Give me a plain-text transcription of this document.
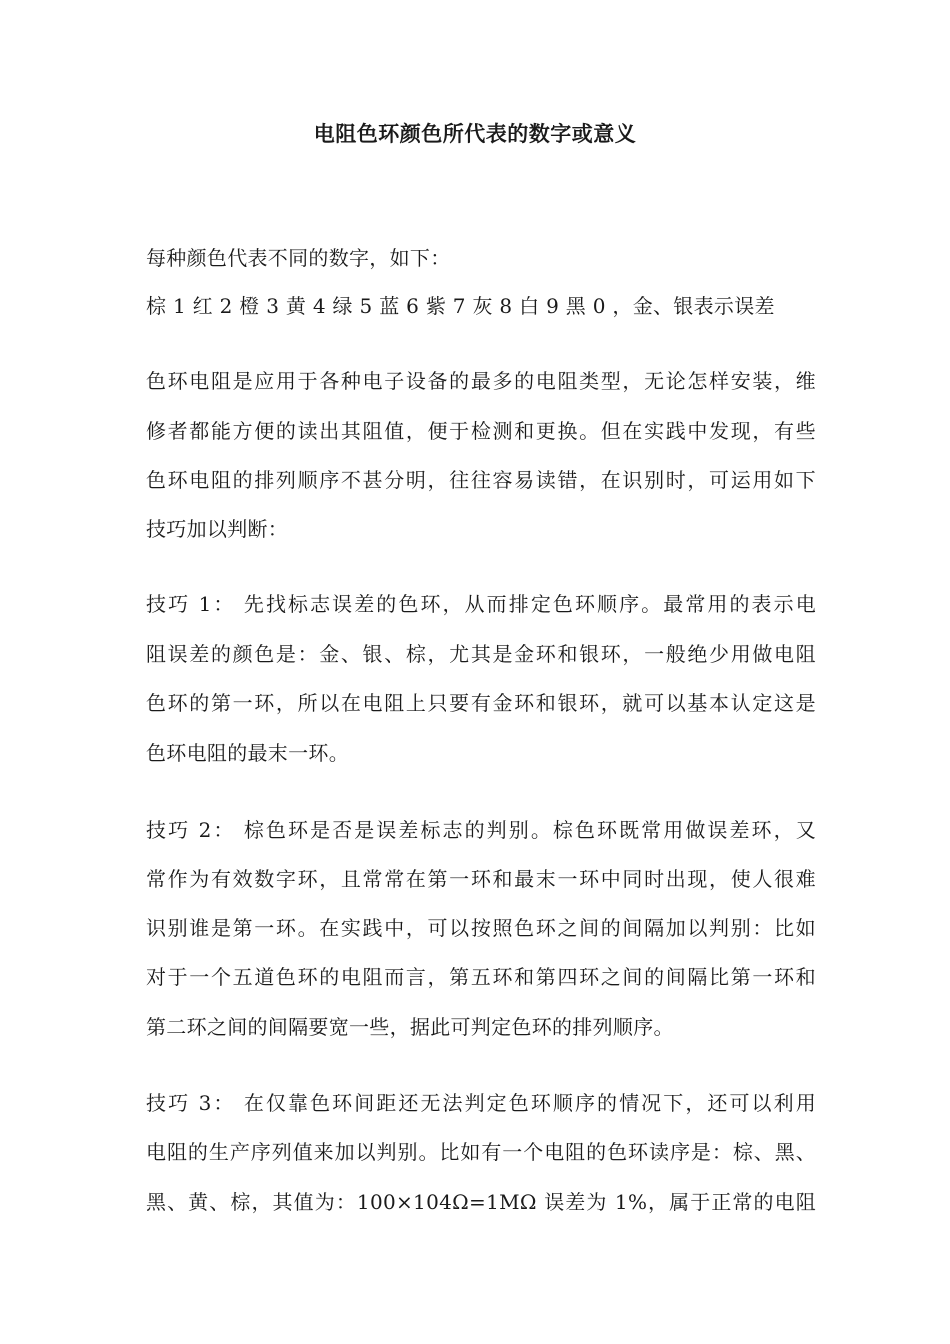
电阻色环颜色所代表的数字或意义
每种颜色代表不同的数字，如下：
棕 1 红 2 橙 3 黄 4 绿 5 蓝 6 紫 7 灰 8 白 9 黑 0 ，金、银表示误差
色环电阻是应用于各种电子设备的最多的电阻类型，无论怎样安装，维
修者都能方便的读出其阻值，便于检测和更换。但在实践中发现，有些
色环电阻的排列顺序不甚分明，往往容易读错，在识别时，可运用如下
技巧加以判断：
技巧 1： 先找标志误差的色环，从而排定色环顺序。最常用的表示电
阻误差的颜色是：金、银、棕，尤其是金环和银环，一般绝少用做电阻
色环的第一环，所以在电阻上只要有金环和银环，就可以基本认定这是
色环电阻的最末一环。
技巧 2： 棕色环是否是误差标志的判别。棕色环既常用做误差环，又
常作为有效数字环，且常常在第一环和最末一环中同时出现，使人很难
识别谁是第一环。在实践中，可以按照色环之间的间隔加以判别：比如
对于一个五道色环的电阻而言，第五环和第四环之间的间隔比第一环和
第二环之间的间隔要宽一些，据此可判定色环的排列顺序。
技巧 3： 在仅靠色环间距还无法判定色环顺序的情况下，还可以利用
电阻的生产序列值来加以判别。比如有一个电阻的色环读序是：棕、黑、
黑、黄、棕，其值为：100×104Ω=1MΩ 误差为 1%，属于正常的电阻
